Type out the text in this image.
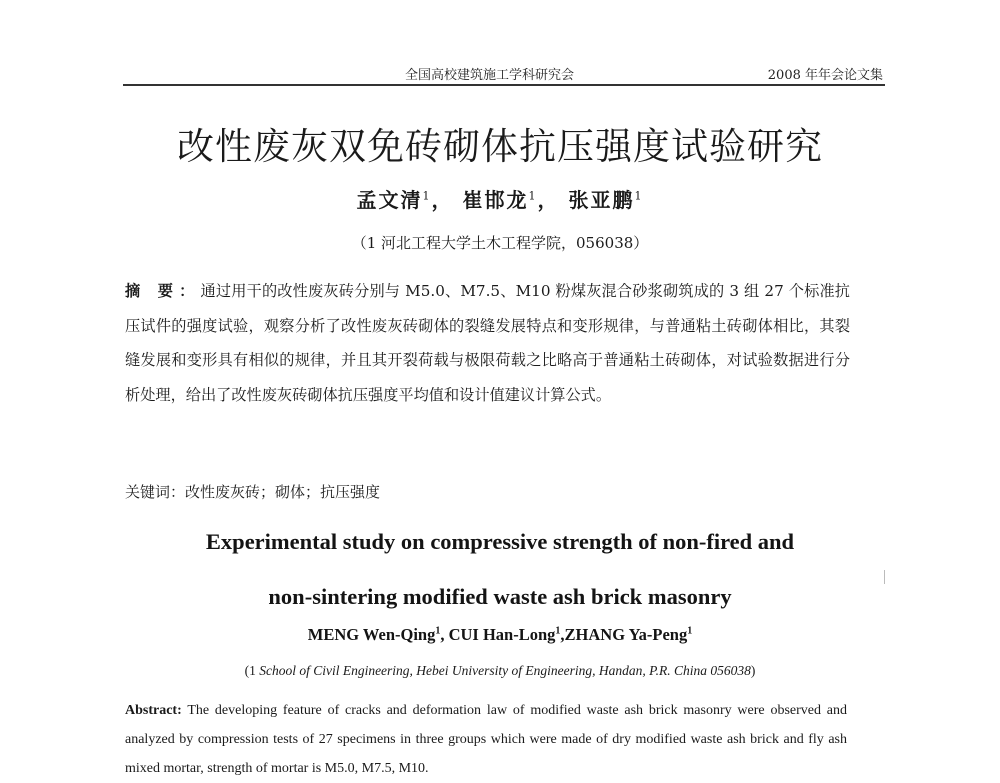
全国高校建筑施工学科研究会	2008 年年会论文集
改性废灰双免砖砌体抗压强度试验研究
孟文清$^1$， 崔邯龙$^1$， 张亚鹏$^1$
（1 河北工程大学土木工程学院，056038）
摘 要：通过用干的改性废灰砖分别与 M5.0、M7.5、M10 粉煤灰混合砂浆砌筑成的 3 组 27 个标准抗压试件的强度试验，观察分析了改性废灰砖砌体的裂缝发展特点和变形规律，与普通粘土砖砌体相比，其裂缝发展和变形具有相似的规律，并且其开裂荷载与极限荷载之比略高于普通粘土砖砌体，对试验数据进行分析处理，给出了改性废灰砖砌体抗压强度平均值和设计值建议计算公式。
关键词：改性废灰砖；砌体；抗压强度
Experimental study on compressive strength of non-fired and
non-sintering modified waste ash brick masonry
MENG Wen-Qing$^1$, CUI Han-Long$^1$,ZHANG Ya-Peng$^1$
(1 School of Civil Engineering, Hebei University of Engineering, Handan, P.R. China 056038)
Abstract: The developing feature of cracks and deformation law of modified waste ash brick masonry were observed and analyzed by compression tests of 27 specimens in three groups which were made of dry modified waste ash brick and fly ash mixed mortar, strength of mortar is M5.0, M7.5, M10.
